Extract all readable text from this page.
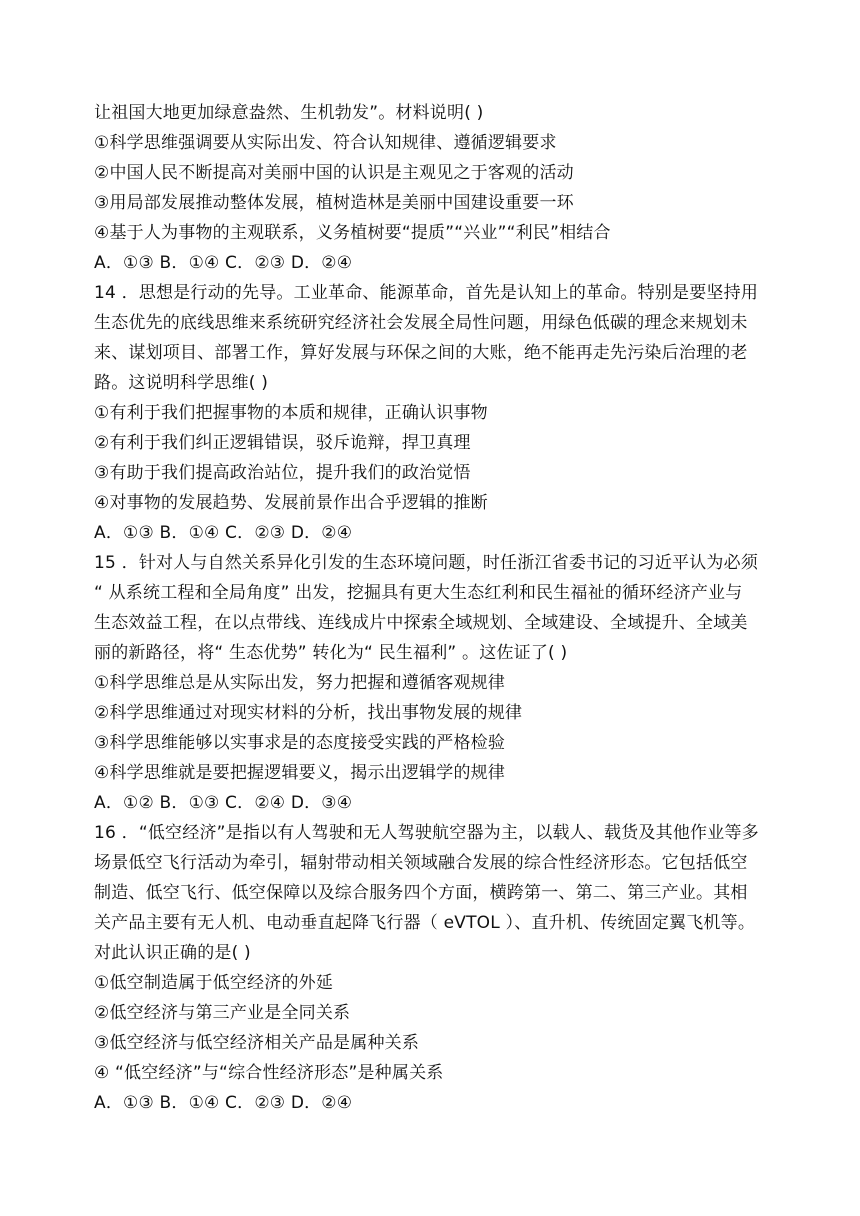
让祖国大地更加绿意盎然、生机勃发”。材料说明( )
①科学思维强调要从实际出发、符合认知规律、遵循逻辑要求
②中国人民不断提高对美丽中国的认识是主观见之于客观的活动
③用局部发展推动整体发展，植树造林是美丽中国建设重要一环
④基于人为事物的主观联系，义务植树要“提质”“兴业”“利民”相结合
A．①③ B．①④ C．②③ D．②④
14 ．思想是行动的先导。工业革命、能源革命，首先是认知上的革命。特别是要坚持用
生态优先的底线思维来系统研究经济社会发展全局性问题，用绿色低碳的理念来规划未
来、谋划项目、部署工作，算好发展与环保之间的大账，绝不能再走先污染后治理的老
路。这说明科学思维( )
①有利于我们把握事物的本质和规律，正确认识事物
②有利于我们纠正逻辑错误，驳斥诡辩，捍卫真理
③有助于我们提高政治站位，提升我们的政治觉悟
④对事物的发展趋势、发展前景作出合乎逻辑的推断
A．①③ B．①④ C．②③ D．②④
15 ．针对人与自然关系异化引发的生态环境问题，时任浙江省委书记的习近平认为必须
“ 从系统工程和全局角度” 出发，挖掘具有更大生态红利和民生福祉的循环经济产业与
生态效益工程，在以点带线、连线成片中探索全域规划、全域建设、全域提升、全域美
丽的新路径，将“ 生态优势” 转化为“ 民生福利” 。这佐证了( )
①科学思维总是从实际出发，努力把握和遵循客观规律
②科学思维通过对现实材料的分析，找出事物发展的规律
③科学思维能够以实事求是的态度接受实践的严格检验
④科学思维就是要把握逻辑要义，揭示出逻辑学的规律
A．①② B．①③ C．②④ D．③④
16 ．“低空经济”是指以有人驾驶和无人驾驶航空器为主，以载人、载货及其他作业等多
场景低空飞行活动为牵引，辐射带动相关领域融合发展的综合性经济形态。它包括低空
制造、低空飞行、低空保障以及综合服务四个方面，横跨第一、第二、第三产业。其相
关产品主要有无人机、电动垂直起降飞行器（ eVTOL ）、直升机、传统固定翼飞机等。
对此认识正确的是( )
①低空制造属于低空经济的外延
②低空经济与第三产业是全同关系
③低空经济与低空经济相关产品是属种关系
④ “低空经济”与“综合性经济形态”是种属关系
A．①③ B．①④ C．②③ D．②④
